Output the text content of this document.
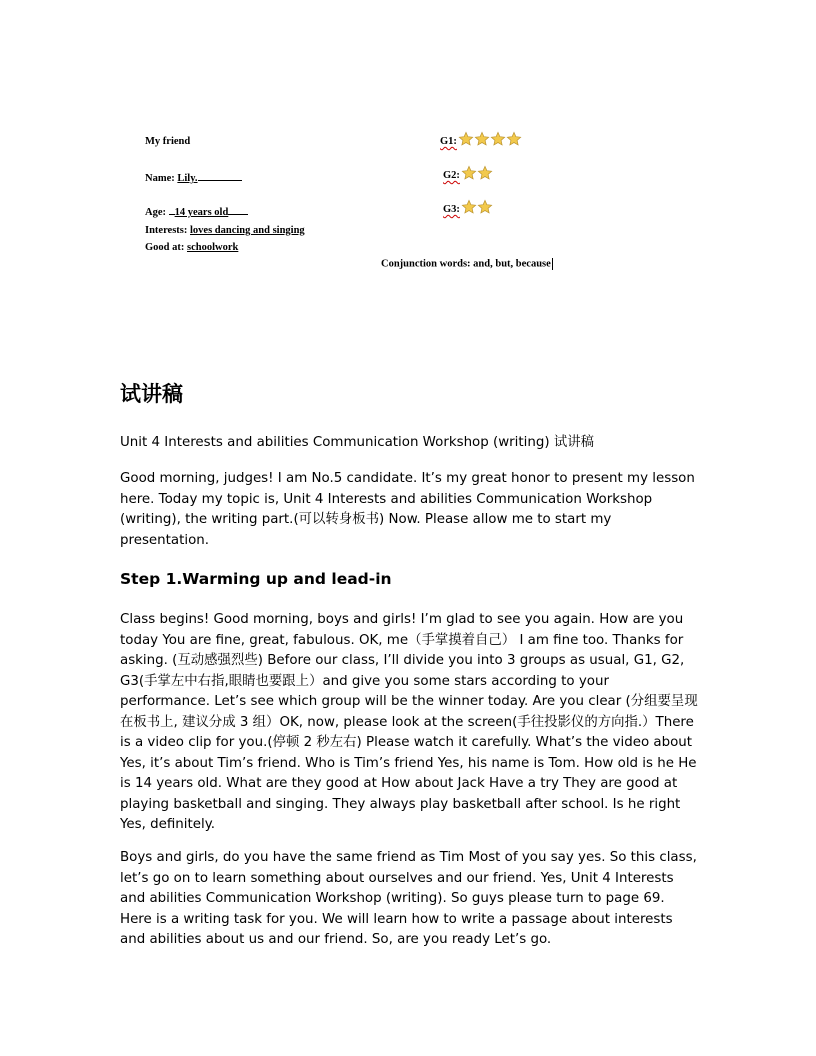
My friend
Name: Lily.
Age: 14 years old
Interests: loves dancing and singing
Good at: schoolwork
G1:
G2:
G3:
Conjunction words: and, but, because
试讲稿

Unit 4 Interests and abilities Communication Workshop (writing) 试讲稿

Good morning, judges! I am No.5 candidate. It’s my great honor to present my lesson here. Today my topic is, Unit 4 Interests and abilities Communication Workshop (writing), the writing part.(可以转身板书) Now. Please allow me to start my presentation.

Step 1.Warming up and lead-in

Class begins! Good morning, boys and girls! I’m glad to see you again. How are you today You are fine, great, fabulous. OK, me（手掌摸着自己） I am fine too. Thanks for asking. (互动感强烈些) Before our class, I’ll divide you into 3 groups as usual, G1, G2, G3(手掌左中右指,眼睛也要跟上）and give you some stars according to your performance. Let’s see which group will be the winner today. Are you clear (分组要呈现在板书上, 建议分成 3 组）OK, now, please look at the screen(手往投影仪的方向指.）There is a video clip for you.(停顿 2 秒左右) Please watch it carefully. What’s the video about Yes, it’s about Tim’s friend. Who is Tim’s friend Yes, his name is Tom. How old is he He is 14 years old. What are they good at How about Jack Have a try They are good at playing basketball and singing. They always play basketball after school. Is he right Yes, definitely.

Boys and girls, do you have the same friend as Tim Most of you say yes. So this class, let’s go on to learn something about ourselves and our friend. Yes, Unit 4 Interests and abilities Communication Workshop (writing). So guys please turn to page 69. Here is a writing task for you. We will learn how to write a passage about interests and abilities about us and our friend. So, are you ready Let’s go.
